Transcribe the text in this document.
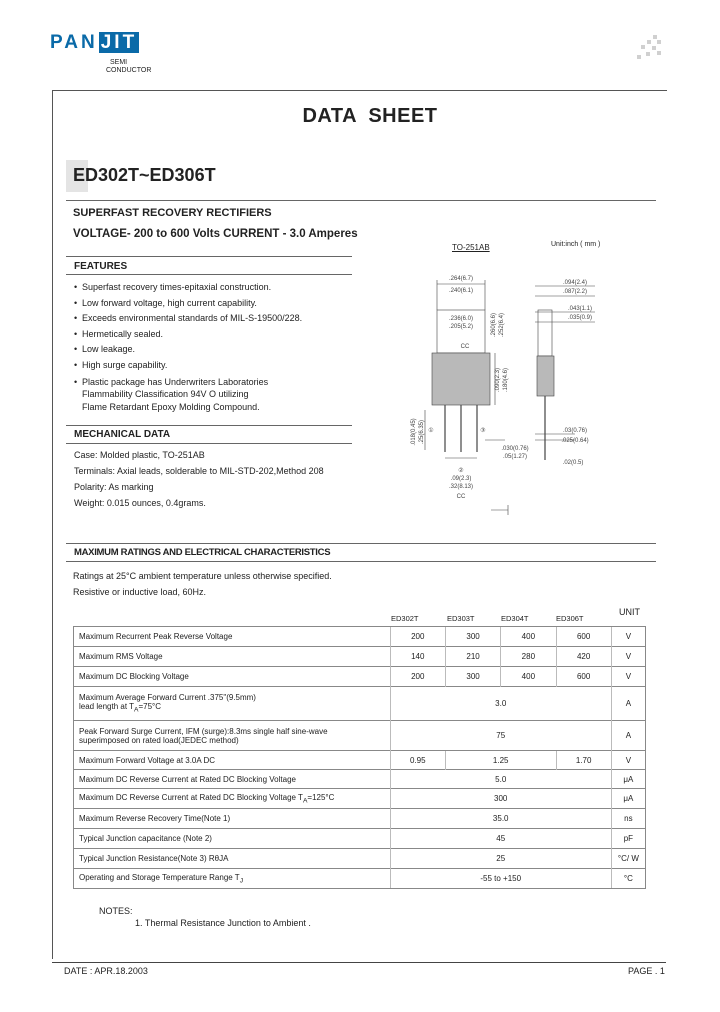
PAN JIT
SEMI
CONDUCTOR
DATA SHEET
ED302T~ED306T
SUPERFAST RECOVERY RECTIFIERS
VOLTAGE- 200 to 600 Volts CURRENT - 3.0 Amperes
FEATURES
• Superfast recovery times-epitaxial construction.
• Low forward voltage, high current capability.
• Exceeds environmental standards of MIL-S-19500/228.
• Hermetically sealed.
• Low leakage.
• High surge capability.
• Plastic package has Underwriters Laboratories
Flammability Classification 94V O utilizing
Flame Retardant Epoxy Molding Compound.
MECHANICAL DATA
Case: Molded plastic, TO-251AB
Terminals: Axial leads, solderable to MIL-STD-202,Method 208
Polarity: As marking
Weight: 0.015 ounces, 0.4grams.
TO-251AB	Unit:inch ( mm )
.264(6.7)
.240(6.1)
.236(6.0)
.205(5.2)
CC
.094(2.4)
.087(2.2)
.043(1.1)
.035(0.9)
.03(0.76)
.025(0.64)
.02(0.5)
.030(0.76)
.05(1.27)
.09(2.3)
.32(8.13)
①
②
③
CC
.260(6.6) .252(6.4)
.090(2.3) .180(4.6)
.018(0.45) .25(6.35)
MAXIMUM RATINGS AND ELECTRICAL CHARACTERISTICS
Ratings at 25°C ambient temperature unless otherwise specified.
Resistive or inductive load, 60Hz.
ED302T	ED303T	ED304T	ED306T
UNIT
Maximum Recurrent Peak Reverse Voltage	200	300	400	600	V
Maximum RMS Voltage	140	210	280	420	V
Maximum DC Blocking Voltage	200	300	400	600	V

Maximum Average Forward Current .375"(9.5mm)
lead length at $T_A=75^\circ C$	3.0				A

Peak Forward Surge Current, IFM (surge):8.3ms single half sine-wave
superimposed on rated load(JEDEC method)	75				A
Maximum Forward Voltage at 3.0A DC	0.95	1.25		1.70	V
Maximum DC Reverse Current at Rated DC Blocking Voltage	5.0				μA
Maximum DC Reverse Current at Rated DC Blocking Voltage $T_A=125^\circ C$	300				μA
Maximum Reverse Recovery Time(Note 1)	35.0				ns
Typical Junction capacitance (Note 2)	45				pF
Typical Junction Resistance(Note 3) RθJA	25				°C/ W
Operating and Storage Temperature Range $T_J$	-55 to +150				°C
NOTES:
1. Thermal Resistance Junction to Ambient .
DATE : APR.18.2003	PAGE . 1
